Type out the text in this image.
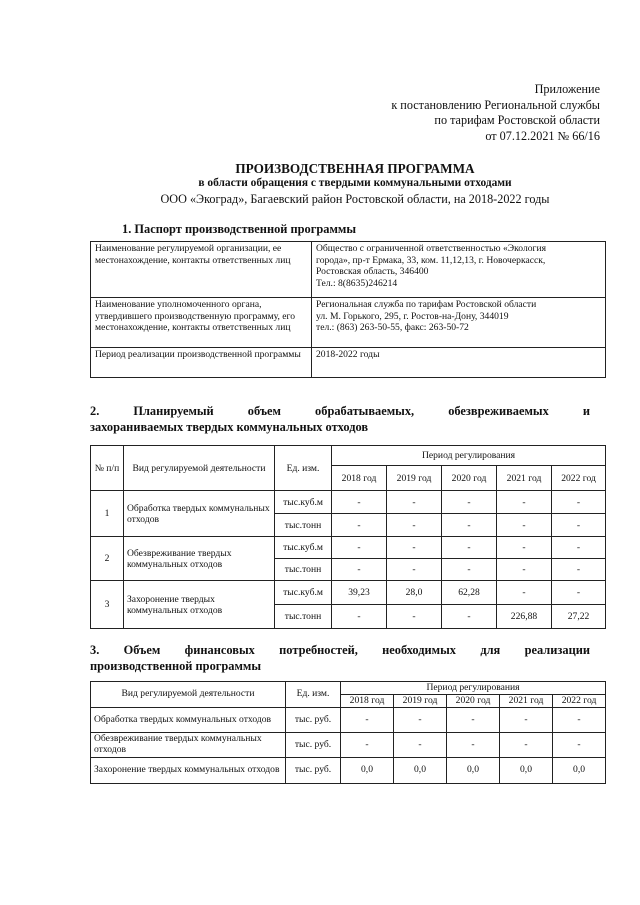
Приложение
к постановлению Региональной службы
по тарифам Ростовской области
от 07.12.2021 № 66/16
ПРОИЗВОДСТВЕННАЯ ПРОГРАММА
в области обращения с твердыми коммунальными отходами
ООО «Экоград», Багаевский район Ростовской области, на 2018-2022 годы
1. Паспорт производственной программы
Наименование регулируемой организации, ее местонахождение, контакты ответственных лиц	Общество с ограниченной ответственностью «Экология
города», пр-т Ермака, 33, ком. 11,12,13, г. Новочеркасск,
Ростовская область, 346400
Тел.: 8(8635)246214

Наименование уполномоченного органа, утвердившего производственную программу, его местонахождение, контакты ответственных лиц	Региональная служба по тарифам Ростовской области
ул. М. Горького, 295, г. Ростов-на-Дону, 344019
тел.: (863) 263-50-55, факс: 263-50-72

Период реализации производственной программы	2018-2022 годы
2. Планируемый объем обрабатываемых, обезвреживаемых и
захораниваемых твердых коммунальных отходов
№ п/п	Вид регулируемой деятельности	Ед. изм.	Период регулирования				
			2018 год	2019 год	2020 год	2021 год	2022 год
1	Обработка твердых коммунальных отходов	тыс.куб.м	-	-	-	-	-
		тыс.тонн	-	-	-	-	-
2	Обезвреживание твердых коммунальных отходов	тыс.куб.м	-	-	-	-	-
		тыс.тонн	-	-	-	-	-
3	Захоронение твердых коммунальных отходов	тыс.куб.м	39,23	28,0	62,28	-	-
		тыс.тонн	-	-	-	226,88	27,22
3. Объем финансовых потребностей, необходимых для реализации
производственной программы
Вид регулируемой деятельности	Ед. изм.	Период регулирования				
		2018 год	2019 год	2020 год	2021 год	2022 год
Обработка твердых коммунальных отходов	тыс. руб.	-	-	-	-	-
Обезвреживание твердых коммунальных отходов	тыс. руб.	-	-	-	-	-
Захоронение твердых коммунальных отходов	тыс. руб.	0,0	0,0	0,0	0,0	0,0
